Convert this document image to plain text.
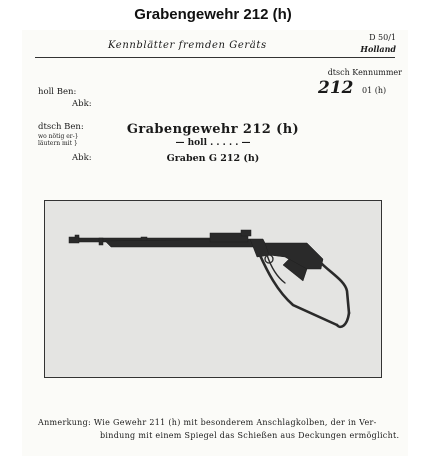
Grabengewehr 212 (h)
Kennblätter fremden Geräts
D 50/1
Holland
dtsch Kennummer
212 01 (h)
holl Ben:
Abk:
dtsch Ben:
wo nötig er-}
läutern mit }
Abk:
Grabengewehr 212 (h)
— holl . . . . . —
Graben G 212 (h)
Anmerkung: Wie Gewehr 211 (h) mit besonderem Anschlagkolben, der in Ver-
bindung mit einem Spiegel das Schießen aus Deckungen ermöglicht.
